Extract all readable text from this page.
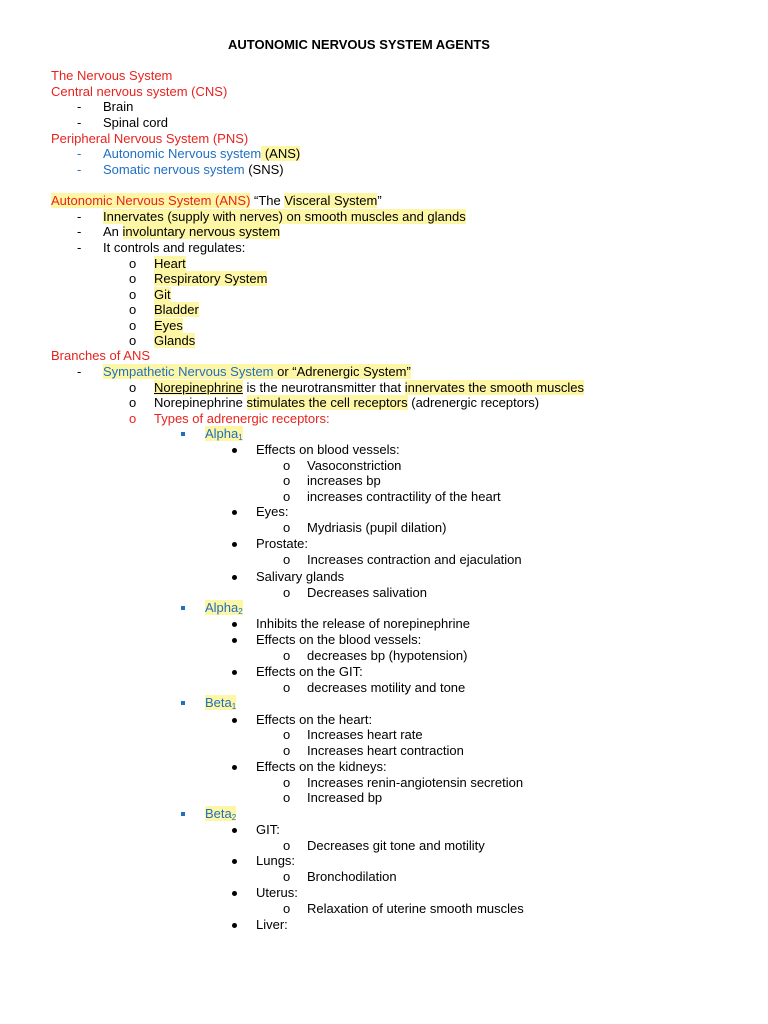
AUTONOMIC NERVOUS SYSTEM AGENTS
The Nervous System
Central nervous system (CNS)
- Brain
- Spinal cord
Peripheral Nervous System (PNS)
- Autonomic Nervous system (ANS)
- Somatic nervous system (SNS)
Autonomic Nervous System (ANS) “The Visceral System”
- Innervates (supply with nerves) on smooth muscles and glands
- An involuntary nervous system
- It controls and regulates:
o Heart
o Respiratory System
o Git
o Bladder
o Eyes
o Glands
Branches of ANS
- Sympathetic Nervous System or “Adrenergic System”
o Norepinephrine is the neurotransmitter that innervates the smooth muscles
o Norepinephrine stimulates the cell receptors (adrenergic receptors)
o Types of adrenergic receptors:
Alpha$_1$
Effects on blood vessels:
o Vasoconstriction
o increases bp
o increases contractility of the heart
Eyes:
o Mydriasis (pupil dilation)
Prostate:
o Increases contraction and ejaculation
Salivary glands
o Decreases salivation
Alpha$_2$
Inhibits the release of norepinephrine
Effects on the blood vessels:
o decreases bp (hypotension)
Effects on the GIT:
o decreases motility and tone
Beta$_1$
Effects on the heart:
o Increases heart rate
o Increases heart contraction
Effects on the kidneys:
o Increases renin-angiotensin secretion
o Increased bp
Beta$_2$
GIT:
o Decreases git tone and motility
Lungs:
o Bronchodilation
Uterus:
o Relaxation of uterine smooth muscles
Liver:
